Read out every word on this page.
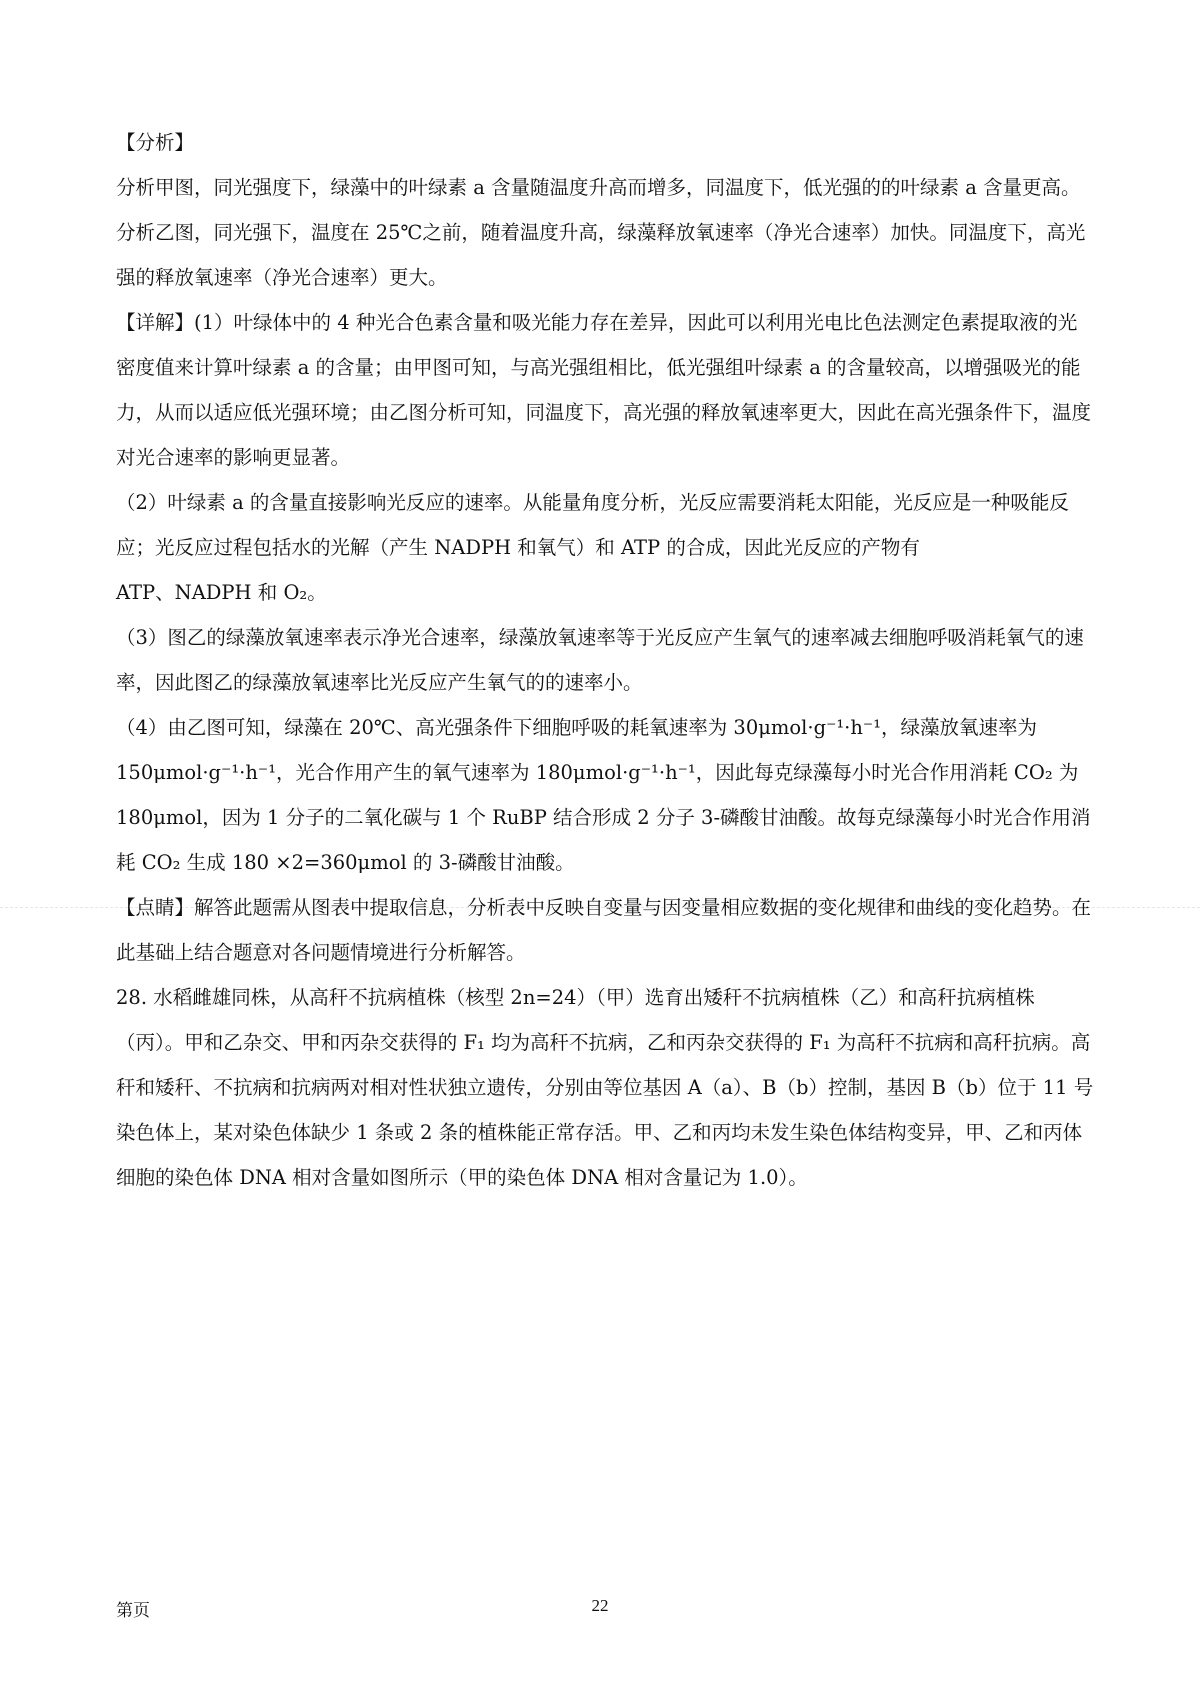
【分析】

分析甲图，同光强度下，绿藻中的叶绿素 a 含量随温度升高而增多，同温度下，低光强的的叶绿素 a 含量更高。

分析乙图，同光强下，温度在 25℃之前，随着温度升高，绿藻释放氧速率（净光合速率）加快。同温度下，高光强的释放氧速率（净光合速率）更大。

【详解】(1）叶绿体中的 4 种光合色素含量和吸光能力存在差异，因此可以利用光电比色法测定色素提取液的光密度值来计算叶绿素 a 的含量；由甲图可知，与高光强组相比，低光强组叶绿素 a 的含量较高，以增强吸光的能力，从而以适应低光强环境；由乙图分析可知，同温度下，高光强的释放氧速率更大，因此在高光强条件下，温度对光合速率的影响更显著。

（2）叶绿素 a 的含量直接影响光反应的速率。从能量角度分析，光反应需要消耗太阳能，光反应是一种吸能反应；光反应过程包括水的光解（产生 NADPH 和氧气）和 ATP 的合成，因此光反应的产物有

ATP、NADPH 和 O₂。

（3）图乙的绿藻放氧速率表示净光合速率，绿藻放氧速率等于光反应产生氧气的速率减去细胞呼吸消耗氧气的速率，因此图乙的绿藻放氧速率比光反应产生氧气的的速率小。

（4）由乙图可知，绿藻在 20℃、高光强条件下细胞呼吸的耗氧速率为 30μmol·g⁻¹·h⁻¹，绿藻放氧速率为 150μmol·g⁻¹·h⁻¹，光合作用产生的氧气速率为 180μmol·g⁻¹·h⁻¹，因此每克绿藻每小时光合作用消耗 CO₂ 为 180μmol，因为 1 分子的二氧化碳与 1 个 RuBP 结合形成 2 分子 3-磷酸甘油酸。故每克绿藻每小时光合作用消耗 CO₂ 生成 180 ×2=360μmol 的 3-磷酸甘油酸。

【点睛】解答此题需从图表中提取信息，分析表中反映自变量与因变量相应数据的变化规律和曲线的变化趋势。在此基础上结合题意对各问题情境进行分析解答。

28. 水稻雌雄同株，从高秆不抗病植株（核型 2n=24）（甲）选育出矮秆不抗病植株（乙）和高秆抗病植株（丙）。甲和乙杂交、甲和丙杂交获得的 F₁ 均为高秆不抗病，乙和丙杂交获得的 F₁ 为高秆不抗病和高秆抗病。高秆和矮秆、不抗病和抗病两对相对性状独立遗传，分别由等位基因 A（a）、B（b）控制，基因 B（b）位于 11 号染色体上，某对染色体缺少 1 条或 2 条的植株能正常存活。甲、乙和丙均未发生染色体结构变异，甲、乙和丙体细胞的染色体 DNA 相对含量如图所示（甲的染色体 DNA 相对含量记为 1.0）。

第页	22
